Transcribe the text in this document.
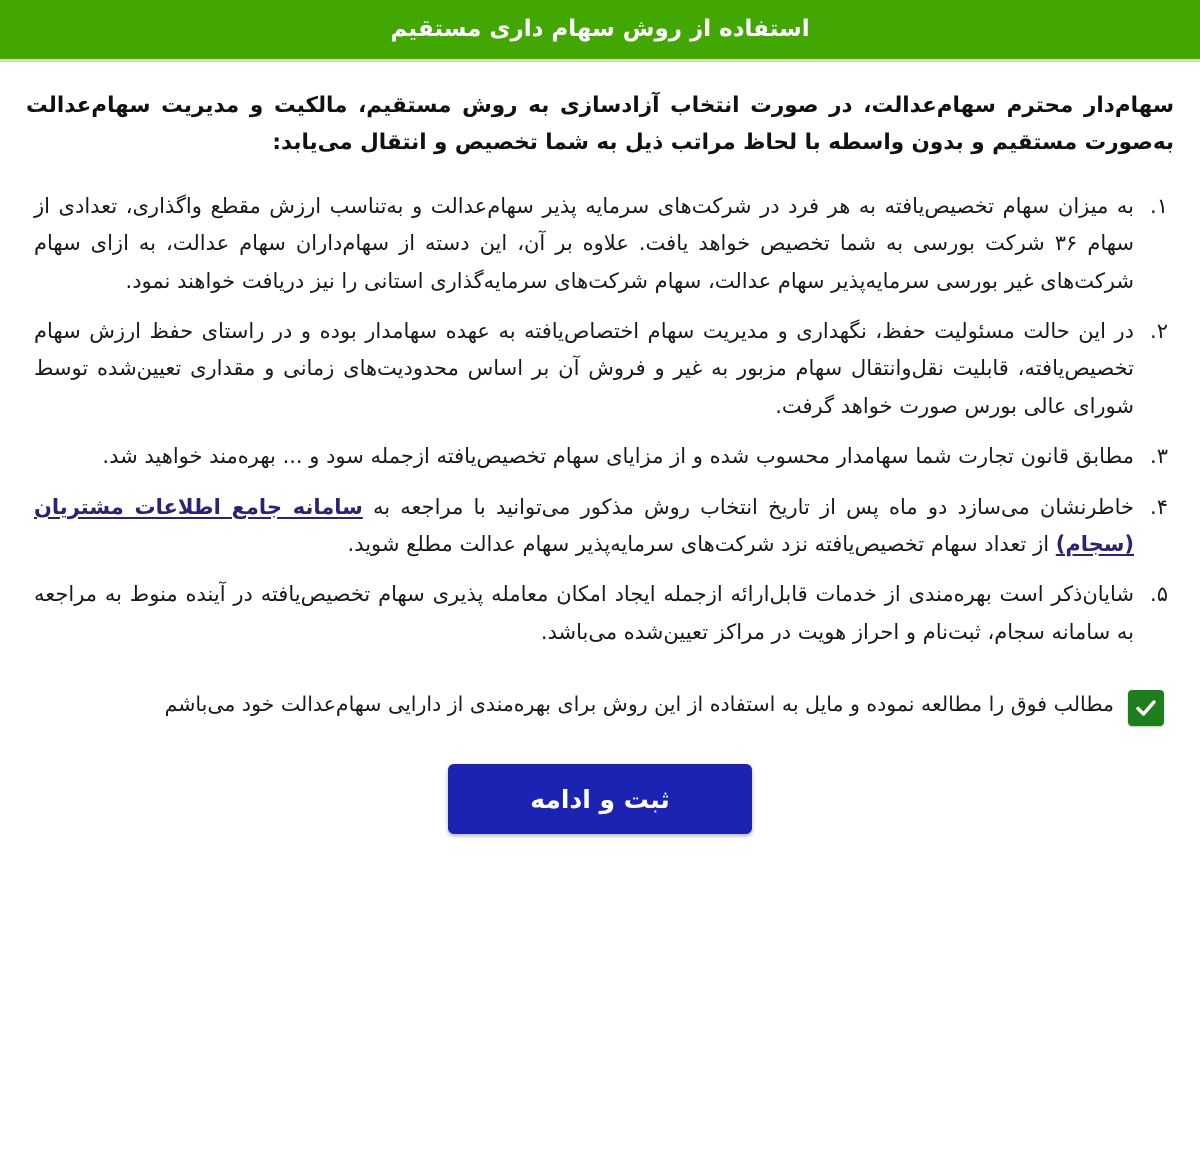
استفاده از روش سهام داری مستقیم

سهام‌دار محترم سهام‌عدالت، در صورت انتخاب آزادسازی به روش مستقیم، مالکیت و مدیریت سهام‌عدالت به‌صورت مستقیم و بدون واسطه با لحاظ مراتب ذیل به شما تخصیص و انتقال می‌یابد:

به میزان سهام تخصیص‌یافته به هر فرد در شرکت‌های سرمایه پذیر سهام‌عدالت و به‌تناسب ارزش مقطع واگذاری، تعدادی از سهام ۳۶ شرکت بورسی به شما تخصیص خواهد یافت. علاوه بر آن، این دسته از سهام‌داران سهام عدالت، به ازای سهام شرکت‌های غیر بورسی سرمایه‌پذیر سهام عدالت، سهام شرکت‌های سرمایه‌گذاری استانی را نیز دریافت خواهند نمود.
در این حالت مسئولیت حفظ، نگهداری و مدیریت سهام اختصاص‌یافته به عهده سهامدار بوده و در راستای حفظ ارزش سهام تخصیص‌یافته، قابلیت نقل‌وانتقال سهام مزبور به غیر و فروش آن بر اساس محدودیت‌های زمانی و مقداری تعیین‌شده توسط شورای عالی بورس صورت خواهد گرفت.
مطابق قانون تجارت شما سهامدار محسوب شده و از مزایای سهام تخصیص‌یافته ازجمله سود و ... بهره‌مند خواهید شد.
خاطرنشان می‌سازد دو ماه پس از تاریخ انتخاب روش مذکور می‌توانید با مراجعه به سامانه جامع اطلاعات مشتریان (سجام) از تعداد سهام تخصیص‌یافته نزد شرکت‌های سرمایه‌پذیر سهام عدالت مطلع شوید.
شایان‌ذکر است بهره‌مندی از خدمات قابل‌ارائه ازجمله ایجاد امکان معامله پذیری سهام تخصیص‌یافته در آینده منوط به مراجعه به سامانه سجام، ثبت‌نام و احراز هویت در مراکز تعیین‌شده می‌باشد.
مطالب فوق را مطالعه نموده و مایل به استفاده از این روش برای بهره‌مندی از دارایی سهام‌عدالت خود می‌باشم
ثبت و ادامه
